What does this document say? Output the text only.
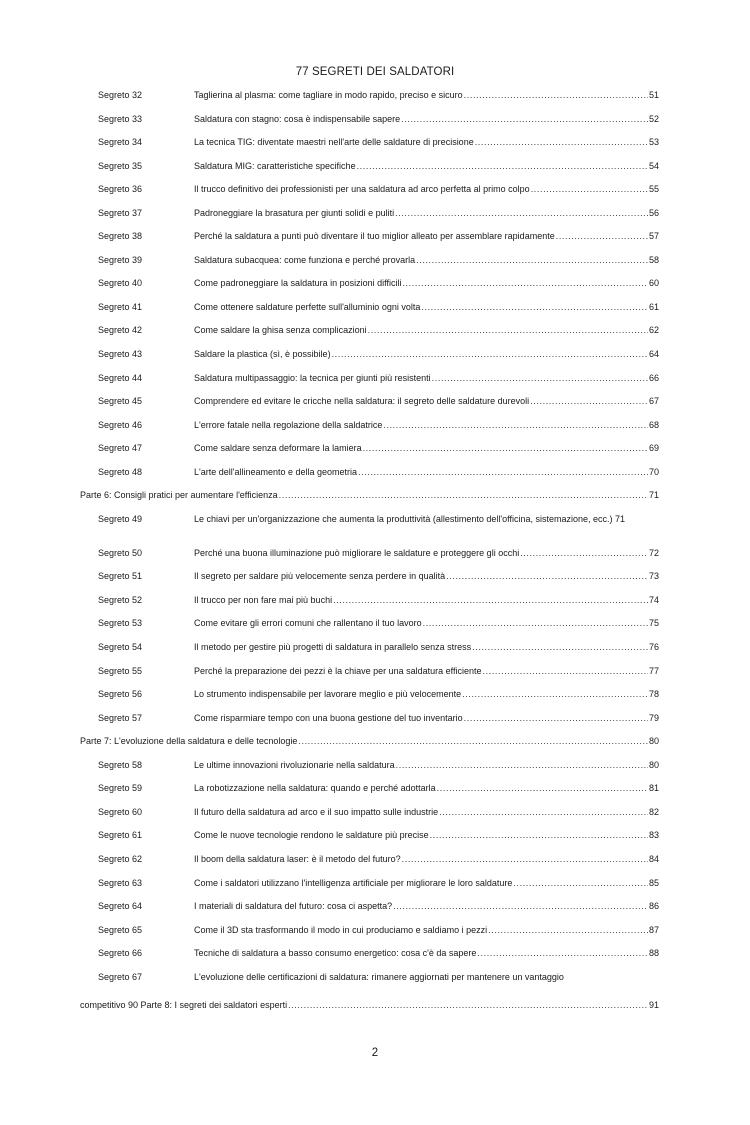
77 SEGRETI DEI SALDATORI
Segreto 32	Taglierina al plasma: come tagliare in modo rapido, preciso e sicuro .....	51
Segreto 33	Saldatura con stagno: cosa è indispensabile sapere .....	52
Segreto 34	La tecnica TIG: diventate maestri nell'arte delle saldature di precisione .....	53
Segreto 35	Saldatura MIG: caratteristiche specifiche .....	54
Segreto 36	Il trucco definitivo dei professionisti per una saldatura ad arco perfetta al primo colpo .....	55
Segreto 37	Padroneggiare la brasatura per giunti solidi e puliti .....	56
Segreto 38	Perché la saldatura a punti può diventare il tuo miglior alleato per assemblare rapidamente .....	57
Segreto 39	Saldatura subacquea: come funziona e perché provarla .....	58
Segreto 40	Come padroneggiare la saldatura in posizioni difficili .....	60
Segreto 41	Come ottenere saldature perfette sull'alluminio ogni volta .....	61
Segreto 42	Come saldare la ghisa senza complicazioni .....	62
Segreto 43	Saldare la plastica (sì, è possibile) .....	64
Segreto 44	Saldatura multipassaggio: la tecnica per giunti più resistenti .....	66
Segreto 45	Comprendere ed evitare le cricche nella saldatura: il segreto delle saldature durevoli .....	67
Segreto 46	L'errore fatale nella regolazione della saldatrice .....	68
Segreto 47	Come saldare senza deformare la lamiera .....	69
Segreto 48	L'arte dell'allineamento e della geometria .....	70
Parte 6: Consigli pratici per aumentare l'efficienza .....	71
Segreto 49	Le chiavi per un'organizzazione che aumenta la produttività (allestimento dell'officina, sistemazione, ecc.) 71
Segreto 50	Perché una buona illuminazione può migliorare le saldature e proteggere gli occhi .....	72
Segreto 51	Il segreto per saldare più velocemente senza perdere in qualità .....	73
Segreto 52	Il trucco per non fare mai più buchi .....	74
Segreto 53	Come evitare gli errori comuni che rallentano il tuo lavoro .....	75
Segreto 54	Il metodo per gestire più progetti di saldatura in parallelo senza stress .....	76
Segreto 55	Perché la preparazione dei pezzi è la chiave per una saldatura efficiente .....	77
Segreto 56	Lo strumento indispensabile per lavorare meglio e più velocemente .....	78
Segreto 57	Come risparmiare tempo con una buona gestione del tuo inventario .....	79
Parte 7: L'evoluzione della saldatura e delle tecnologie .....	80
Segreto 58	Le ultime innovazioni rivoluzionarie nella saldatura .....	80
Segreto 59	La robotizzazione nella saldatura: quando e perché adottarla .....	81
Segreto 60	Il futuro della saldatura ad arco e il suo impatto sulle industrie .....	82
Segreto 61	Come le nuove tecnologie rendono le saldature più precise .....	83
Segreto 62	Il boom della saldatura laser: è il metodo del futuro? .....	84
Segreto 63	Come i saldatori utilizzano l'intelligenza artificiale per migliorare le loro saldature .....	85
Segreto 64	I materiali di saldatura del futuro: cosa ci aspetta? .....	86
Segreto 65	Come il 3D sta trasformando il modo in cui produciamo e saldiamo i pezzi .....	87
Segreto 66	Tecniche di saldatura a basso consumo energetico: cosa c'è da sapere .....	88
Segreto 67	L'evoluzione delle certificazioni di saldatura: rimanere aggiornati per mantenere un vantaggio
competitivo 90 Parte 8: I segreti dei saldatori esperti .....	91
2
